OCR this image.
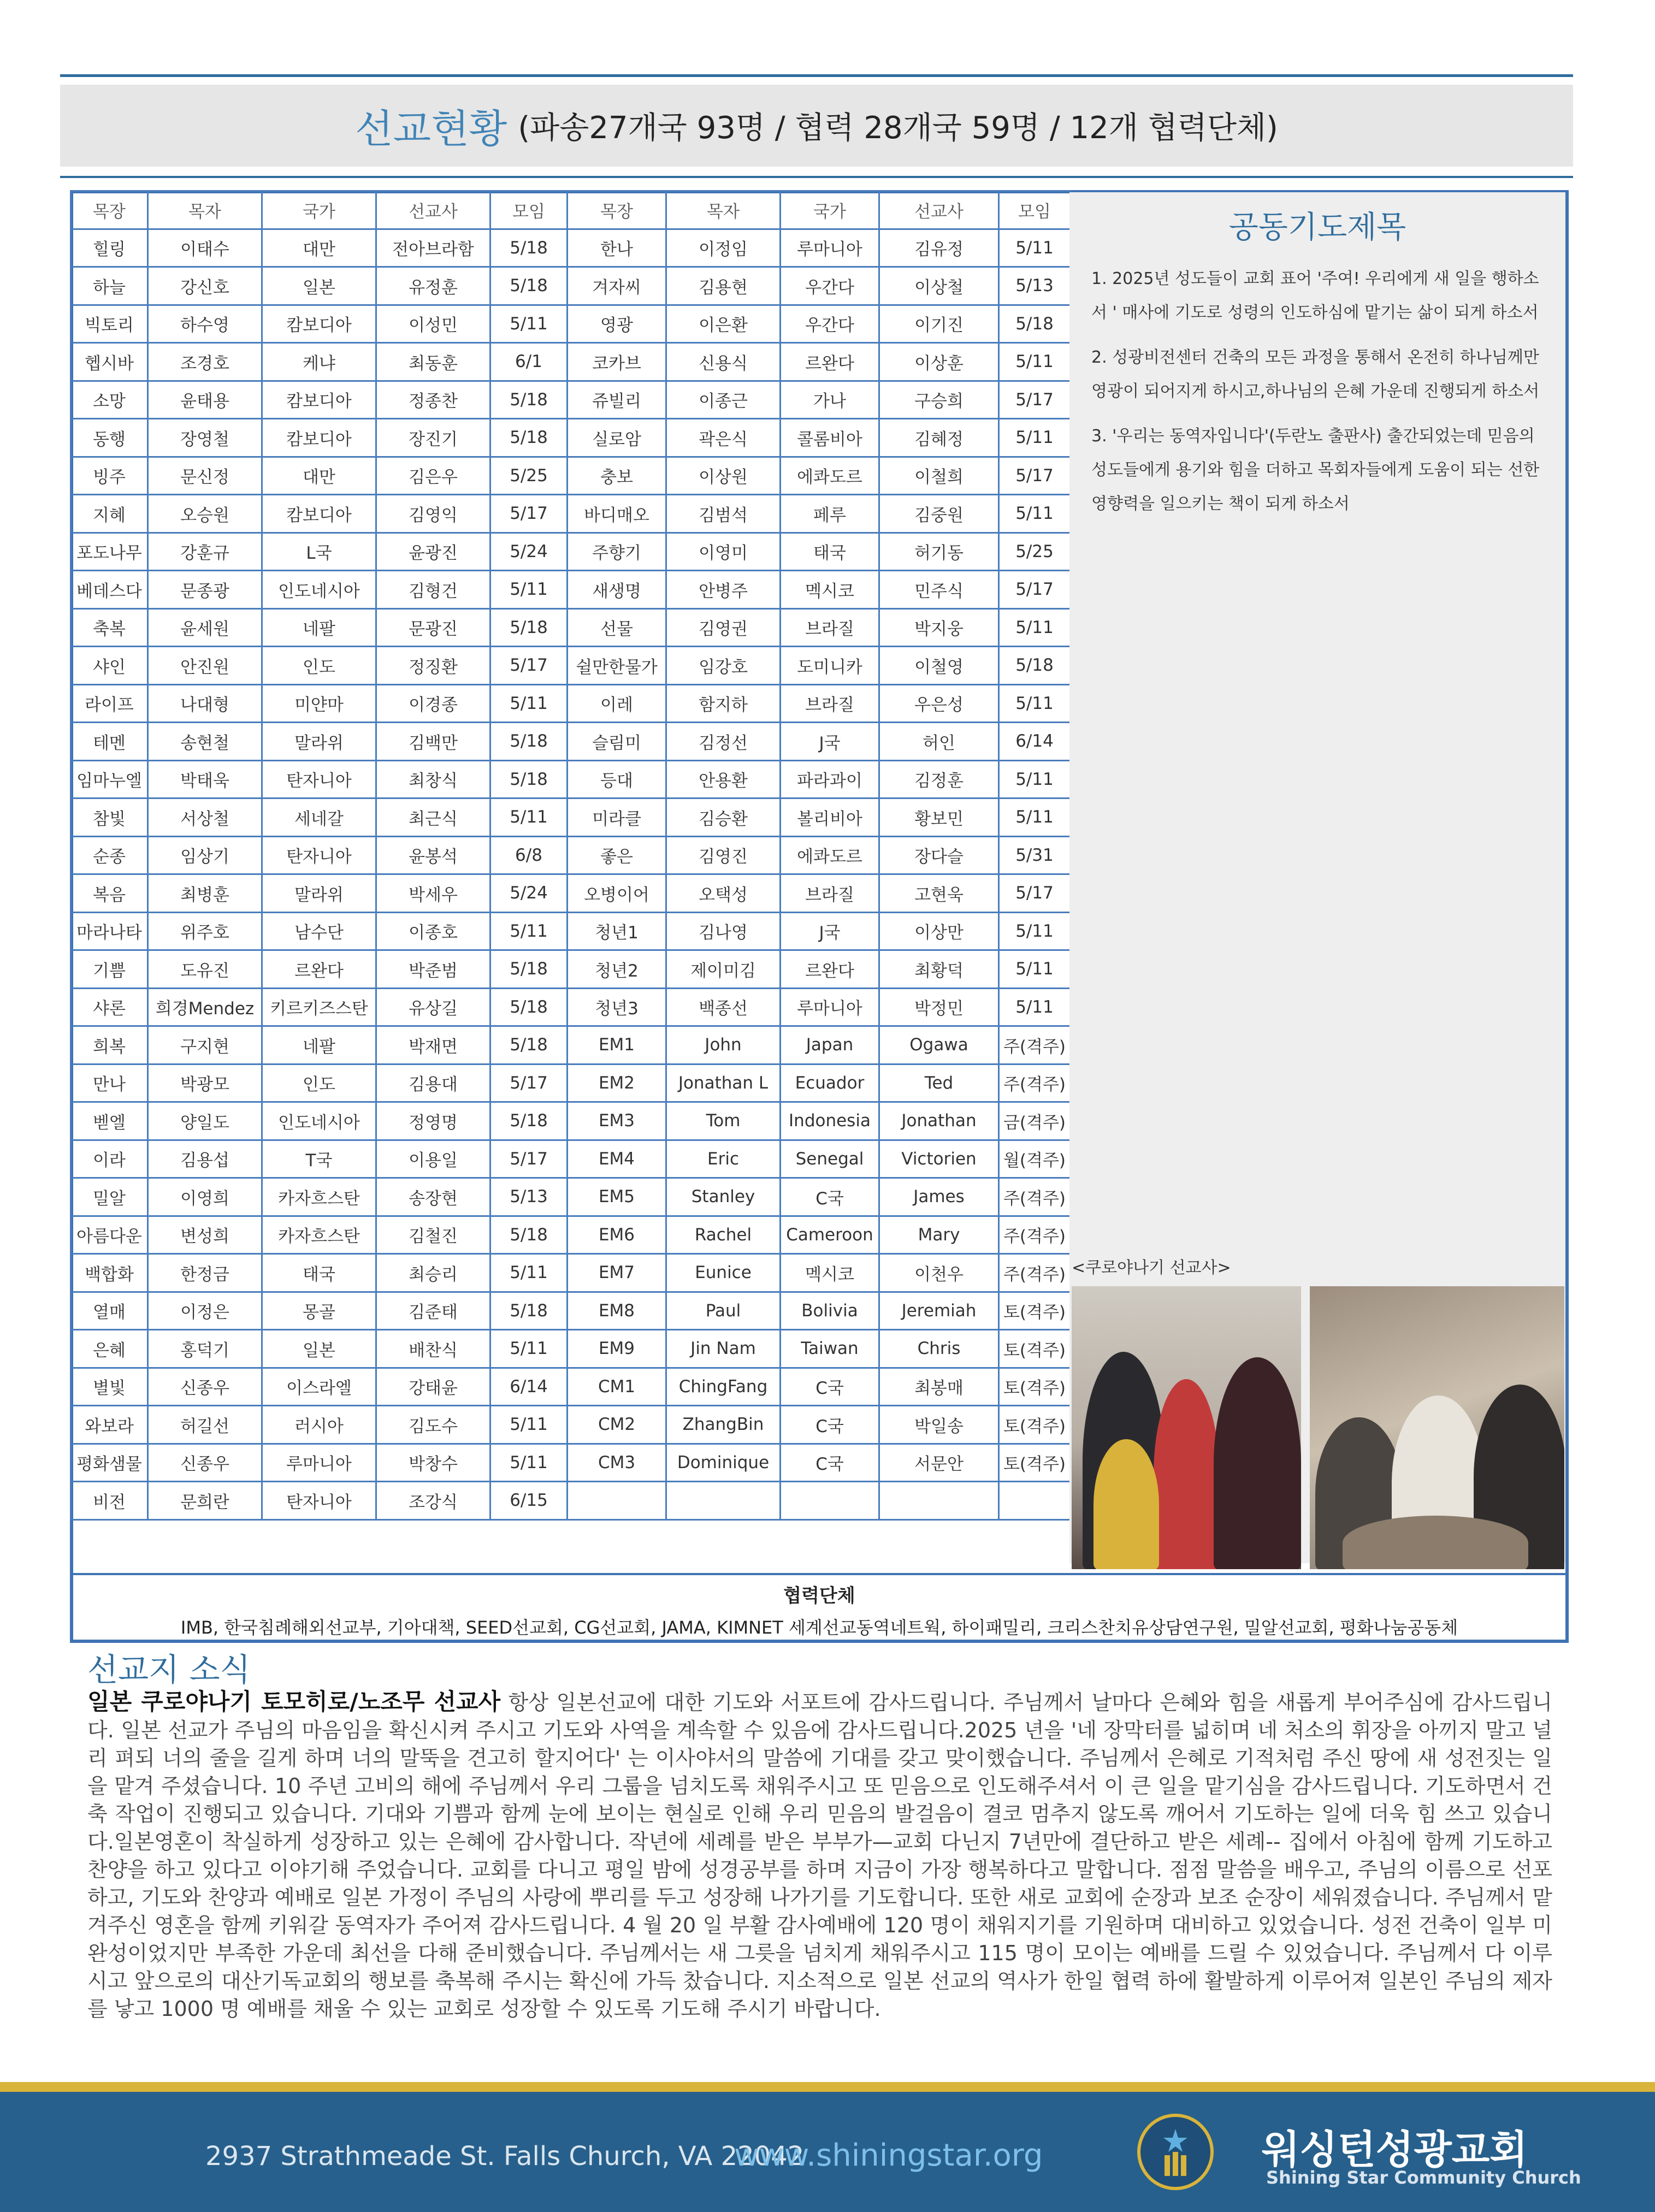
선교현황 (파송27개국 93명 / 협력 28개국 59명 / 12개 협력단체)
목장	목자	국가	선교사	모임	목장	목자	국가	선교사	모임
힐링	이태수	대만	전아브라함	5/18	한나	이정임	루마니아	김유정	5/11
하늘	강신호	일본	유정훈	5/18	겨자씨	김용현	우간다	이상철	5/13
빅토리	하수영	캄보디아	이성민	5/11	영광	이은환	우간다	이기진	5/18
헵시바	조경호	케냐	최동훈	6/1	코카브	신용식	르완다	이상훈	5/11
소망	윤태용	캄보디아	정종찬	5/18	쥬빌리	이종근	가나	구승희	5/17
동행	장영철	캄보디아	장진기	5/18	실로암	곽은식	콜롬비아	김혜정	5/11
빙주	문신정	대만	김은우	5/25	충보	이상원	에콰도르	이철희	5/17
지혜	오승원	캄보디아	김영익	5/17	바디매오	김범석	페루	김중원	5/11
포도나무	강훈규	L국	윤광진	5/24	주향기	이영미	태국	허기동	5/25
베데스다	문종광	인도네시아	김형건	5/11	새생명	안병주	멕시코	민주식	5/17
축복	윤세원	네팔	문광진	5/18	선물	김영권	브라질	박지웅	5/11
샤인	안진원	인도	정징환	5/17	쉴만한물가	임강호	도미니카	이철영	5/18
라이프	나대형	미얀마	이경종	5/11	이레	함지하	브라질	우은성	5/11
테멘	송현철	말라위	김백만	5/18	슬림미	김정선	J국	허인	6/14
임마누엘	박태욱	탄자니아	최창식	5/18	등대	안용환	파라과이	김정훈	5/11
참빛	서상철	세네갈	최근식	5/11	미라클	김승환	볼리비아	황보민	5/11
순종	임상기	탄자니아	윤봉석	6/8	좋은	김영진	에콰도르	장다슬	5/31
복음	최병훈	말라위	박세우	5/24	오병이어	오택성	브라질	고현욱	5/17
마라나타	위주호	남수단	이종호	5/11	청년1	김나영	J국	이상만	5/11
기쁨	도유진	르완다	박준범	5/18	청년2	제이미김	르완다	최황덕	5/11
샤론	희경Mendez	키르키즈스탄	유상길	5/18	청년3	백종선	루마니아	박정민	5/11
희복	구지현	네팔	박재면	5/18	EM1	John	Japan	Ogawa	주(격주)
만나	박광모	인도	김용대	5/17	EM2	Jonathan L	Ecuador	Ted	주(격주)
벧엘	양일도	인도네시아	정영명	5/18	EM3	Tom	Indonesia	Jonathan	금(격주)
이라	김용섭	T국	이용일	5/17	EM4	Eric	Senegal	Victorien	월(격주)
밀알	이영희	카자흐스탄	송장현	5/13	EM5	Stanley	C국	James	주(격주)
아름다운	변성희	카자흐스탄	김철진	5/18	EM6	Rachel	Cameroon	Mary	주(격주)
백합화	한정금	태국	최승리	5/11	EM7	Eunice	멕시코	이천우	주(격주)
열매	이정은	몽골	김준태	5/18	EM8	Paul	Bolivia	Jeremiah	토(격주)
은혜	홍덕기	일본	배찬식	5/11	EM9	Jin Nam	Taiwan	Chris	토(격주)
별빛	신종우	이스라엘	강태윤	6/14	CM1	ChingFang	C국	최봉매	토(격주)
와보라	허길선	러시아	김도수	5/11	CM2	ZhangBin	C국	박일송	토(격주)
평화샘물	신종우	루마니아	박창수	5/11	CM3	Dominique	C국	서문안	토(격주)
비전	문희란	탄자니아	조강식	6/15					
공동기도제목
1. 2025년 성도들이 교회 표어 '주여! 우리에게 새 일을 행하소서 ' 매사에 기도로 성령의 인도하심에 맡기는 삶이 되게 하소서
2. 성광비전센터 건축의 모든 과정을 통해서 온전히 하나님께만 영광이 되어지게 하시고,하나님의 은혜 가운데 진행되게 하소서
3. '우리는 동역자입니다'(두란노 출판사) 출간되었는데 믿음의 성도들에게 용기와 힘을 더하고 목회자들에게 도움이 되는 선한 영향력을 일으키는 책이 되게 하소서
<쿠로야나기 선교사>
협력단체
IMB, 한국침례해외선교부, 기아대책, SEED선교회, CG선교회, JAMA, KIMNET 세계선교동역네트웍, 하이패밀리, 크리스찬치유상담연구원, 밀알선교회, 평화나눔공동체
선교지 소식
일본 쿠로야나기 토모히로/노조무 선교사 항상 일본선교에 대한 기도와 서포트에 감사드립니다. 주님께서 날마다 은혜와 힘을 새롭게 부어주심에 감사드립니다. 일본 선교가 주님의 마음임을 확신시켜 주시고 기도와 사역을 계속할 수 있음에 감사드립니다.2025 년을 '네 장막터를 넓히며 네 처소의 휘장을 아끼지 말고 널리 펴되 너의 줄을 길게 하며 너의 말뚝을 견고히 할지어다' 는 이사야서의 말씀에 기대를 갖고 맞이했습니다. 주님께서 은혜로 기적처럼 주신 땅에 새 성전짓는 일을 맡겨 주셨습니다. 10 주년 고비의 해에 주님께서 우리 그룹을 넘치도록 채워주시고 또 믿음으로 인도해주셔서 이 큰 일을 맡기심을 감사드립니다. 기도하면서 건축 작업이 진행되고 있습니다. 기대와 기쁨과 함께 눈에 보이는 현실로 인해 우리 믿음의 발걸음이 결코 멈추지 않도록 깨어서 기도하는 일에 더욱 힘 쓰고 있습니다.일본영혼이 착실하게 성장하고 있는 은혜에 감사합니다. 작년에 세례를 받은 부부가—교회 다닌지 7년만에 결단하고 받은 세례-- 집에서 아침에 함께 기도하고 찬양을 하고 있다고 이야기해 주었습니다. 교회를 다니고 평일 밤에 성경공부를 하며 지금이 가장 행복하다고 말합니다. 점점 말씀을 배우고, 주님의 이름으로 선포하고, 기도와 찬양과 예배로 일본 가정이 주님의 사랑에 뿌리를 두고 성장해 나가기를 기도합니다. 또한 새로 교회에 순장과 보조 순장이 세워졌습니다. 주님께서 맡겨주신 영혼을 함께 키워갈 동역자가 주어져 감사드립니다. 4 월 20 일 부활 감사예배에 120 명이 채워지기를 기원하며 대비하고 있었습니다. 성전 건축이 일부 미완성이었지만 부족한 가운데 최선을 다해 준비했습니다. 주님께서는 새 그릇을 넘치게 채워주시고 115 명이 모이는 예배를 드릴 수 있었습니다. 주님께서 다 이루시고 앞으로의 대산기독교회의 행보를 축복해 주시는 확신에 가득 찼습니다. 지소적으로 일본 선교의 역사가 한일 협력 하에 활발하게 이루어져 일본인 주님의 제자를 낳고 1000 명 예배를 채울 수 있는 교회로 성장할 수 있도록 기도해 주시기 바랍니다.
2937 Strathmeade St. Falls Church, VA 22042
www.shiningstar.org	워싱턴성광교회
Shining Star Community Church
